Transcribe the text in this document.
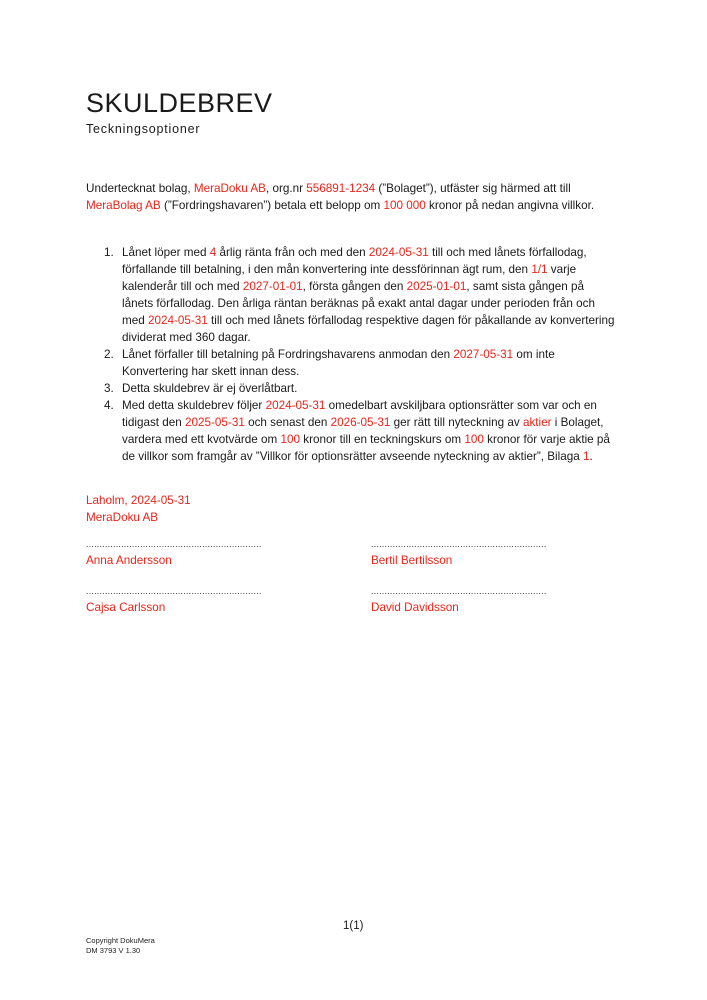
SKULDEBREV

Teckningsoptioner

Undertecknat bolag, MeraDoku AB, org.nr 556891-1234 (”Bolaget”), utfäster sig härmed att till MeraBolag AB (”Fordringshavaren”) betala ett belopp om 100 000 kronor på nedan angivna villkor.

1. Lånet löper med 4 årlig ränta från och med den 2024-05-31 till och med lånets förfallodag, förfallande till betalning, i den mån konvertering inte dessförinnan ägt rum, den 1/1 varje kalenderår till och med 2027-01-01, första gången den 2025-01-01, samt sista gången på lånets förfallodag. Den årliga räntan beräknas på exakt antal dagar under perioden från och med 2024-05-31 till och med lånets förfallodag respektive dagen för påkallande av konvertering dividerat med 360 dagar.
2. Lånet förfaller till betalning på Fordringshavarens anmodan den 2027-05-31 om inte Konvertering har skett innan dess.
3. Detta skuldebrev är ej överlåtbart.
4. Med detta skuldebrev följer 2024-05-31 omedelbart avskiljbara optionsrätter som var och en tidigast den 2025-05-31 och senast den 2026-05-31 ger rätt till nyteckning av aktier i Bolaget, vardera med ett kvotvärde om 100 kronor till en teckningskurs om 100 kronor för varje aktie på de villkor som framgår av ”Villkor för optionsrätter avseende nyteckning av aktier”, Bilaga 1.
Laholm, 2024-05-31
MeraDoku AB
.................................................................
Anna Andersson
.................................................................
Bertil Bertilsson
.................................................................
Cajsa Carlsson
.................................................................
David Davidsson
1(1)
Copyright DokuMera
DM 3793 V 1.30
